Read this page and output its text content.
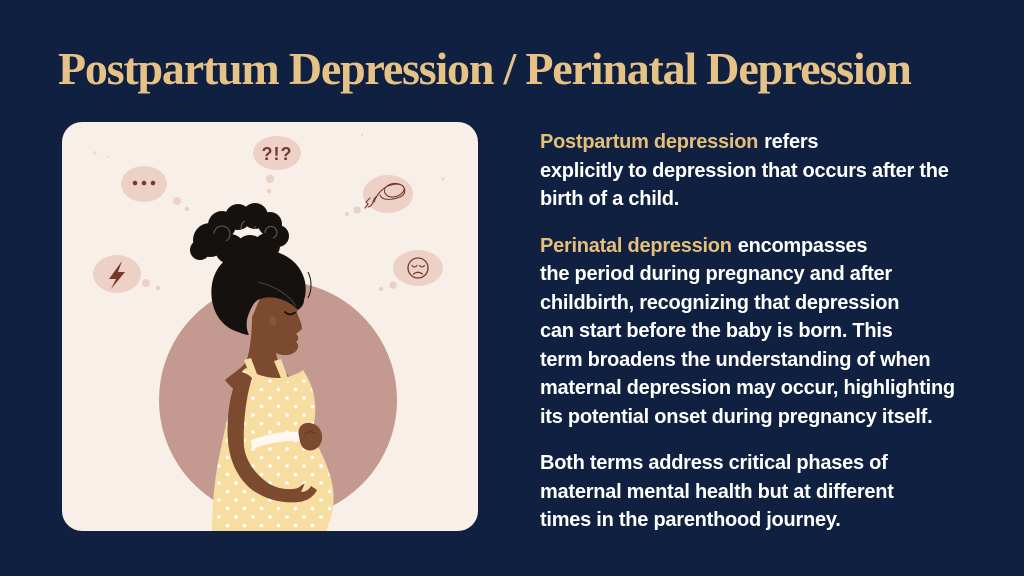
Postpartum Depression / Perinatal Depression
?!?
Postpartum depression refers
explicitly to depression that occurs after the
birth of a child.
Perinatal depression encompasses
the period during pregnancy and after
childbirth, recognizing that depression
can start before the baby is born. This
term broadens the understanding of when
maternal depression may occur, highlighting
its potential onset during pregnancy itself.
Both terms address critical phases of
maternal mental health but at different
times in the parenthood journey.
